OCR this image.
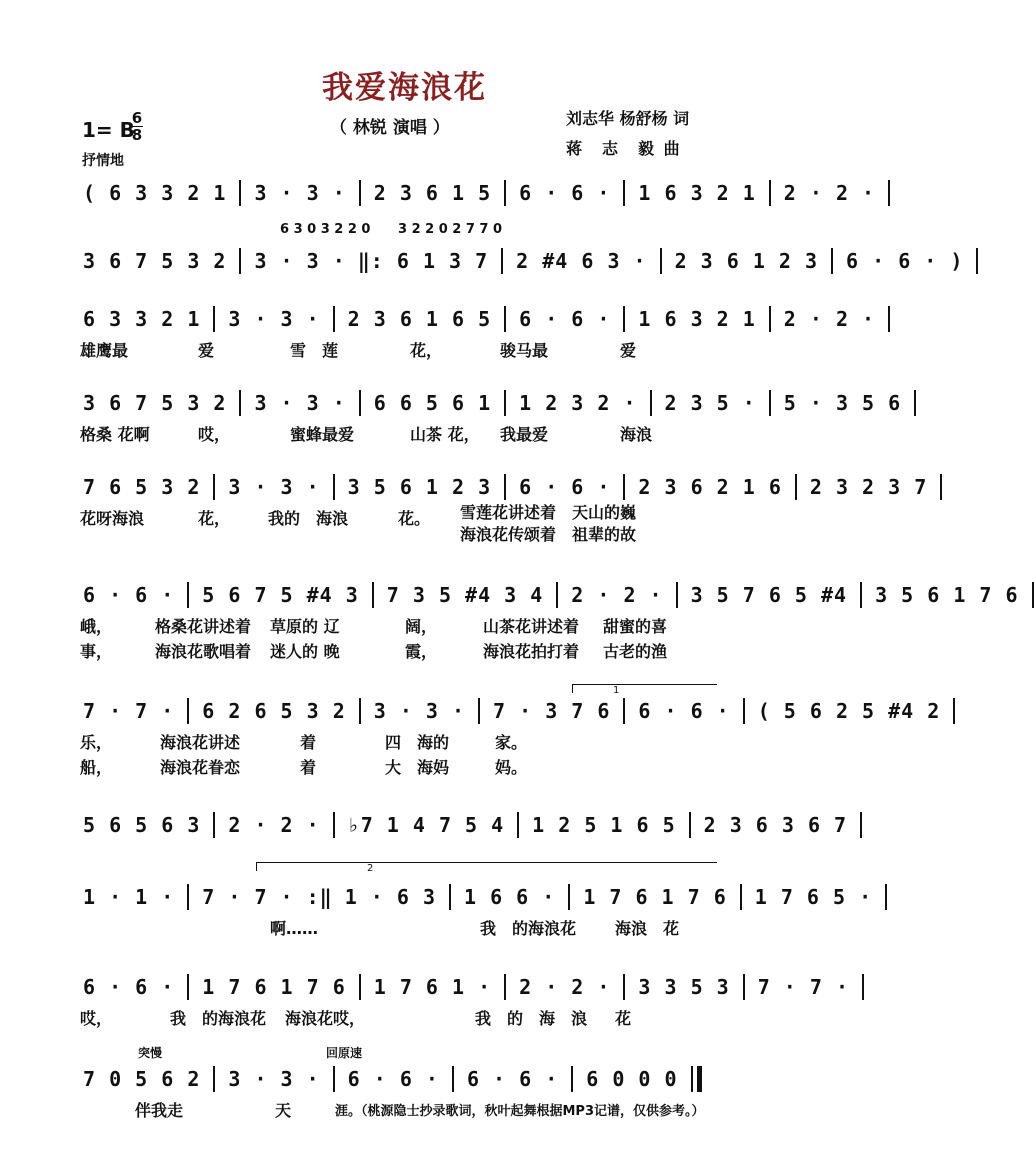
我爱海浪花
（ 林锐 演唱 ）	刘志华 杨舒杨 词
蒋　志　毅 曲
1= B
6
8
抒情地
( 6 3 3 2 1 3 · 3 · 2 3 6 1 5 6 · 6 · 1 6 3 2 1 2 · 2 ·
6 3 0 3 2 2 0 3 2 2 0 2 7 7 0
3 6 7 5 3 2 3 · 3 · ‖: 6 1 3 7 2 #4 6 3 · 2 3 6 1 2 3 6 · 6 · )
6 3 3 2 1 3 · 3 · 2 3 6 1 6 5 6 · 6 · 1 6 3 2 1 2 · 2 ·
雄鹰最	爱	雪　莲	花，	骏马最	爱
3 6 7 5 3 2 3 · 3 · 6 6 5 6 1 1 2 3 2 · 2 3 5 · 5 · 3 5 6
格桑 花啊	哎，	蜜蜂最爱	山茶 花，	我最爱	海浪
7 6 5 3 2 3 · 3 · 3 5 6 1 2 3 6 · 6 · 2 3 6 2 1 6 2 3 2 3 7
花呀海浪	花，	我的　海浪	花。	雪莲花讲述着　天山的巍
海浪花传颂着　祖辈的故
6 · 6 · 5 6 7 5 #4 3 7 3 5 #4 3 4 2 · 2 · 3 5 7 6 5 #4 3 5 6 1 7 6
峨，	格桑花讲述着	草原的 辽	阔，	山茶花讲述着	甜蜜的喜
事，	海浪花歌唱着	迷人的 晚	霞，	海浪花拍打着	古老的渔
1
7 · 7 · 6 2 6 5 3 2 3 · 3 · 7 · 3 7 6 6 · 6 · ( 5 6 2 5 #4 2
乐，	海浪花讲述	着	四　海的	家。
船，	海浪花眷恋	着	大　海妈	妈。
5 6 5 6 3 2 · 2 · ♭7 1 4 7 5 4 1 2 5 1 6 5 2 3 6 3 6 7
2
1 · 1 · 7 · 7 · :‖ 1 · 6 3 1 6 6 · 1 7 6 1 7 6 1 7 6 5 ·
啊……	我　的海浪花	海浪　花
6 · 6 · 1 7 6 1 7 6 1 7 6 1 · 2 · 2 · 3 3 5 3 7 · 7 ·
哎，	我　的海浪花	海浪花哎，	我　的　海　浪	花
突慢	回原速
7 0 5 6 2 3 · 3 · 6 · 6 · 6 · 6 · 6 0 0 0
伴我走	天	涯。（桃源隐士抄录歌词，秋叶起舞根据MP3记谱，仅供参考。）
